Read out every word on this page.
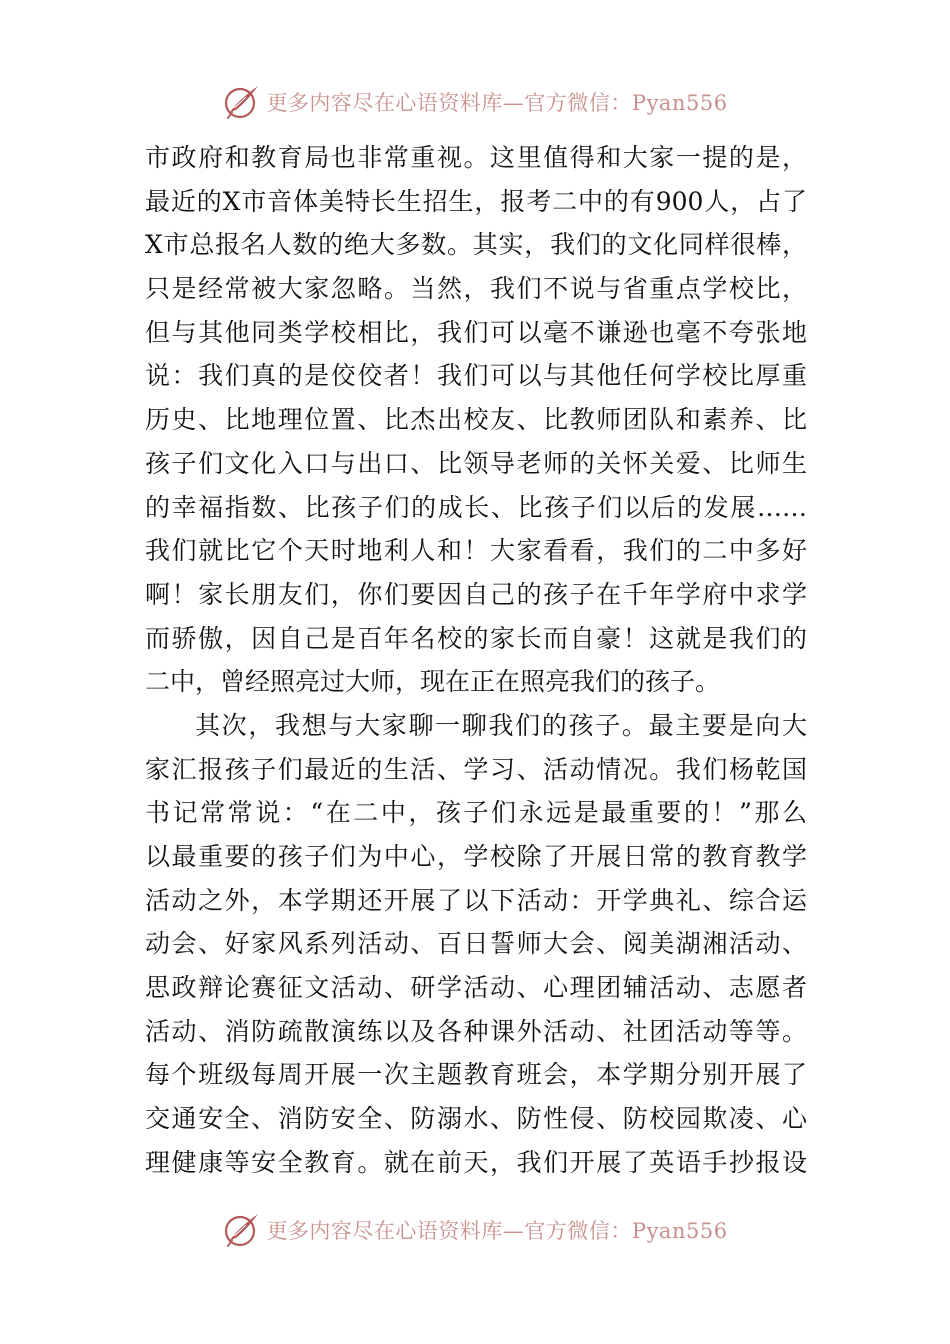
更多内容尽在心语资料库—官方微信：Pyan556
市政府和教育局也非常重视。这里值得和大家一提的是，
最近的X市音体美特长生招生，报考二中的有900人，占了
X市总报名人数的绝大多数。其实，我们的文化同样很棒，
只是经常被大家忽略。当然，我们不说与省重点学校比，
但与其他同类学校相比，我们可以毫不谦逊也毫不夸张地
说：我们真的是佼佼者！我们可以与其他任何学校比厚重
历史、比地理位置、比杰出校友、比教师团队和素养、比
孩子们文化入口与出口、比领导老师的关怀关爱、比师生
的幸福指数、比孩子们的成长、比孩子们以后的发展……
我们就比它个天时地利人和！大家看看，我们的二中多好
啊！家长朋友们，你们要因自己的孩子在千年学府中求学
而骄傲，因自己是百年名校的家长而自豪！这就是我们的
二中，曾经照亮过大师，现在正在照亮我们的孩子。
其次，我想与大家聊一聊我们的孩子。最主要是向大
家汇报孩子们最近的生活、学习、活动情况。我们杨乾国
书记常常说：“在二中，孩子们永远是最重要的！”那么
以最重要的孩子们为中心，学校除了开展日常的教育教学
活动之外，本学期还开展了以下活动：开学典礼、综合运
动会、好家风系列活动、百日誓师大会、阅美湖湘活动、
思政辩论赛征文活动、研学活动、心理团辅活动、志愿者
活动、消防疏散演练以及各种课外活动、社团活动等等。
每个班级每周开展一次主题教育班会，本学期分别开展了
交通安全、消防安全、防溺水、防性侵、防校园欺凌、心
理健康等安全教育。就在前天，我们开展了英语手抄报设
更多内容尽在心语资料库—官方微信：Pyan556
